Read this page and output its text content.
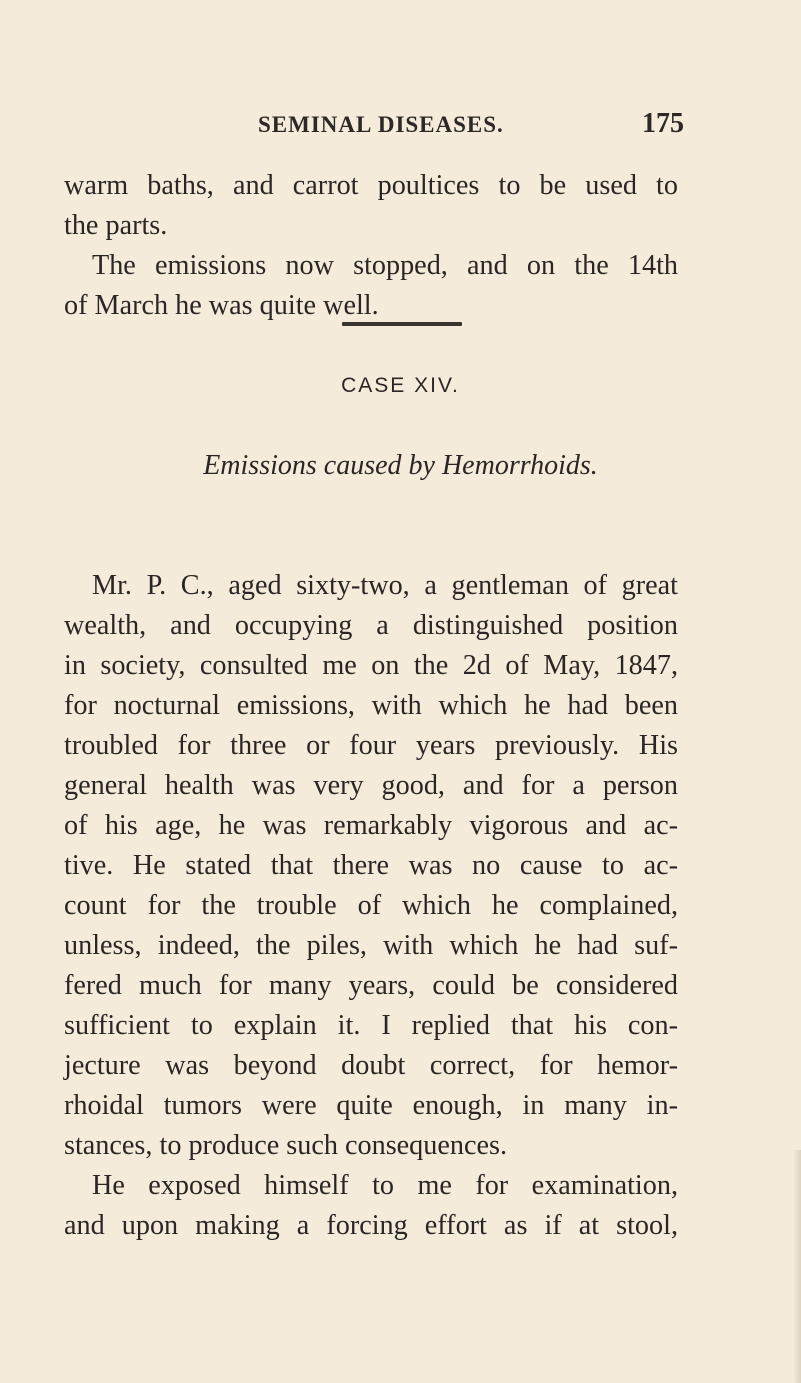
SEMINAL DISEASES.	175
warm baths, and carrot poultices to be used to
the parts.
The emissions now stopped, and on the 14th
of March he was quite well.
CASE XIV.
Emissions caused by Hemorrhoids.
Mr. P. C., aged sixty-two, a gentleman of great
wealth, and occupying a distinguished position
in society, consulted me on the 2d of May, 1847,
for nocturnal emissions, with which he had been
troubled for three or four years previously. His
general health was very good, and for a person
of his age, he was remarkably vigorous and ac-
tive. He stated that there was no cause to ac-
count for the trouble of which he complained,
unless, indeed, the piles, with which he had suf-
fered much for many years, could be considered
sufficient to explain it. I replied that his con-
jecture was beyond doubt correct, for hemor-
rhoidal tumors were quite enough, in many in-
stances, to produce such consequences.
He exposed himself to me for examination,
and upon making a forcing effort as if at stool,
